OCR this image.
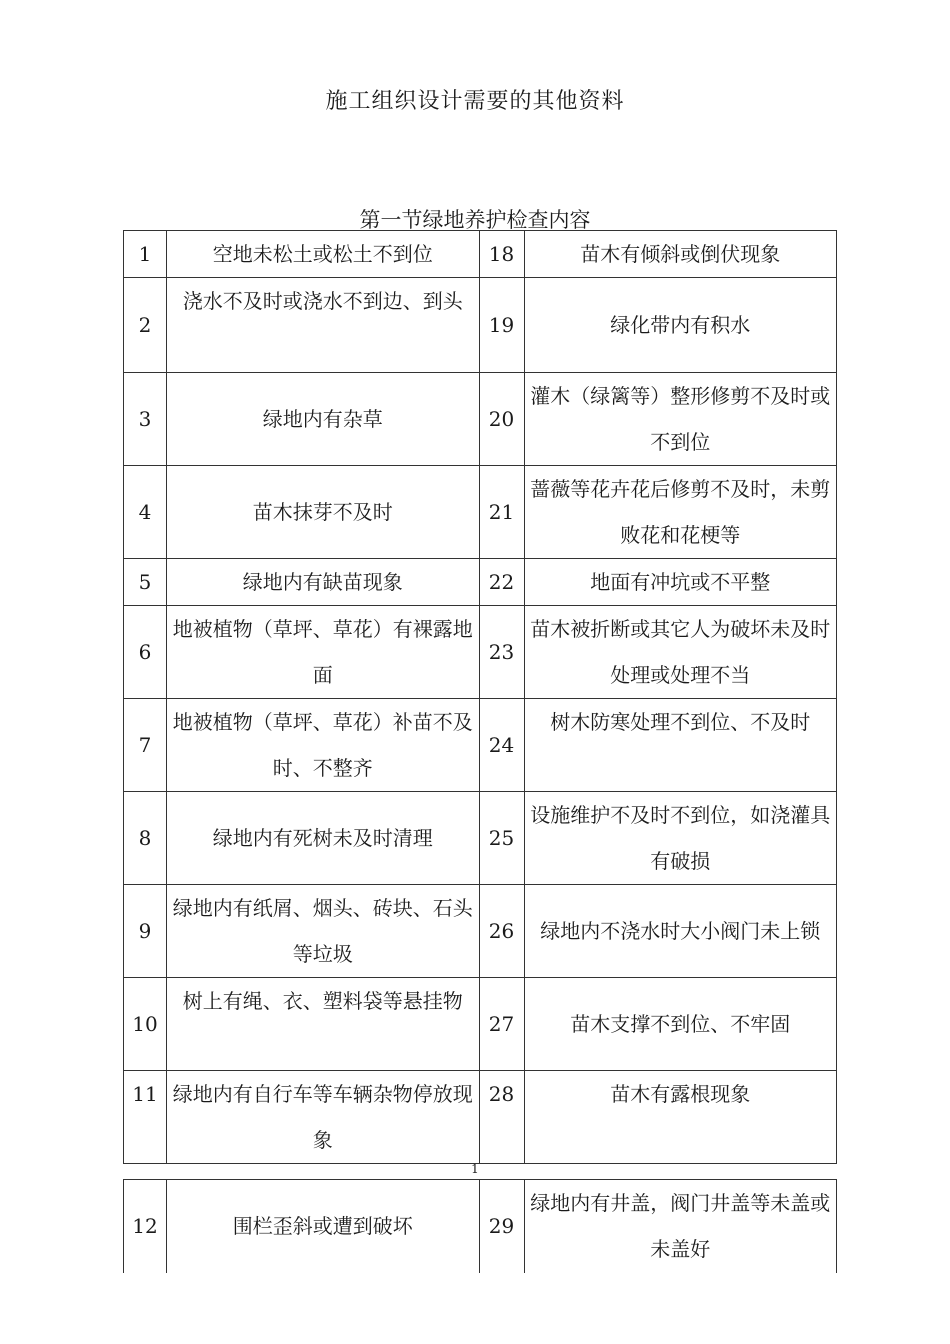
施工组织设计需要的其他资料
第一节绿地养护检查内容
1	空地未松土或松土不到位	18	苗木有倾斜或倒伏现象
2	浇水不及时或浇水不到边、到头	19	绿化带内有积水
3	绿地内有杂草	20	灌木（绿篱等）整形修剪不及时或不到位
4	苗木抹芽不及时	21	蔷薇等花卉花后修剪不及时，未剪败花和花梗等
5	绿地内有缺苗现象	22	地面有冲坑或不平整
6	地被植物（草坪、草花）有裸露地面	23	苗木被折断或其它人为破坏未及时处理或处理不当
7	地被植物（草坪、草花）补苗不及时、不整齐	24	树木防寒处理不到位、不及时
8	绿地内有死树未及时清理	25	设施维护不及时不到位，如浇灌具有破损
9	绿地内有纸屑、烟头、砖块、石头等垃圾	26	绿地内不浇水时大小阀门未上锁
10	树上有绳、衣、塑料袋等悬挂物	27	苗木支撑不到位、不牢固
11	绿地内有自行车等车辆杂物停放现象	28	苗木有露根现象
1
12	围栏歪斜或遭到破坏	29	绿地内有井盖，阀门井盖等未盖或未盖好
